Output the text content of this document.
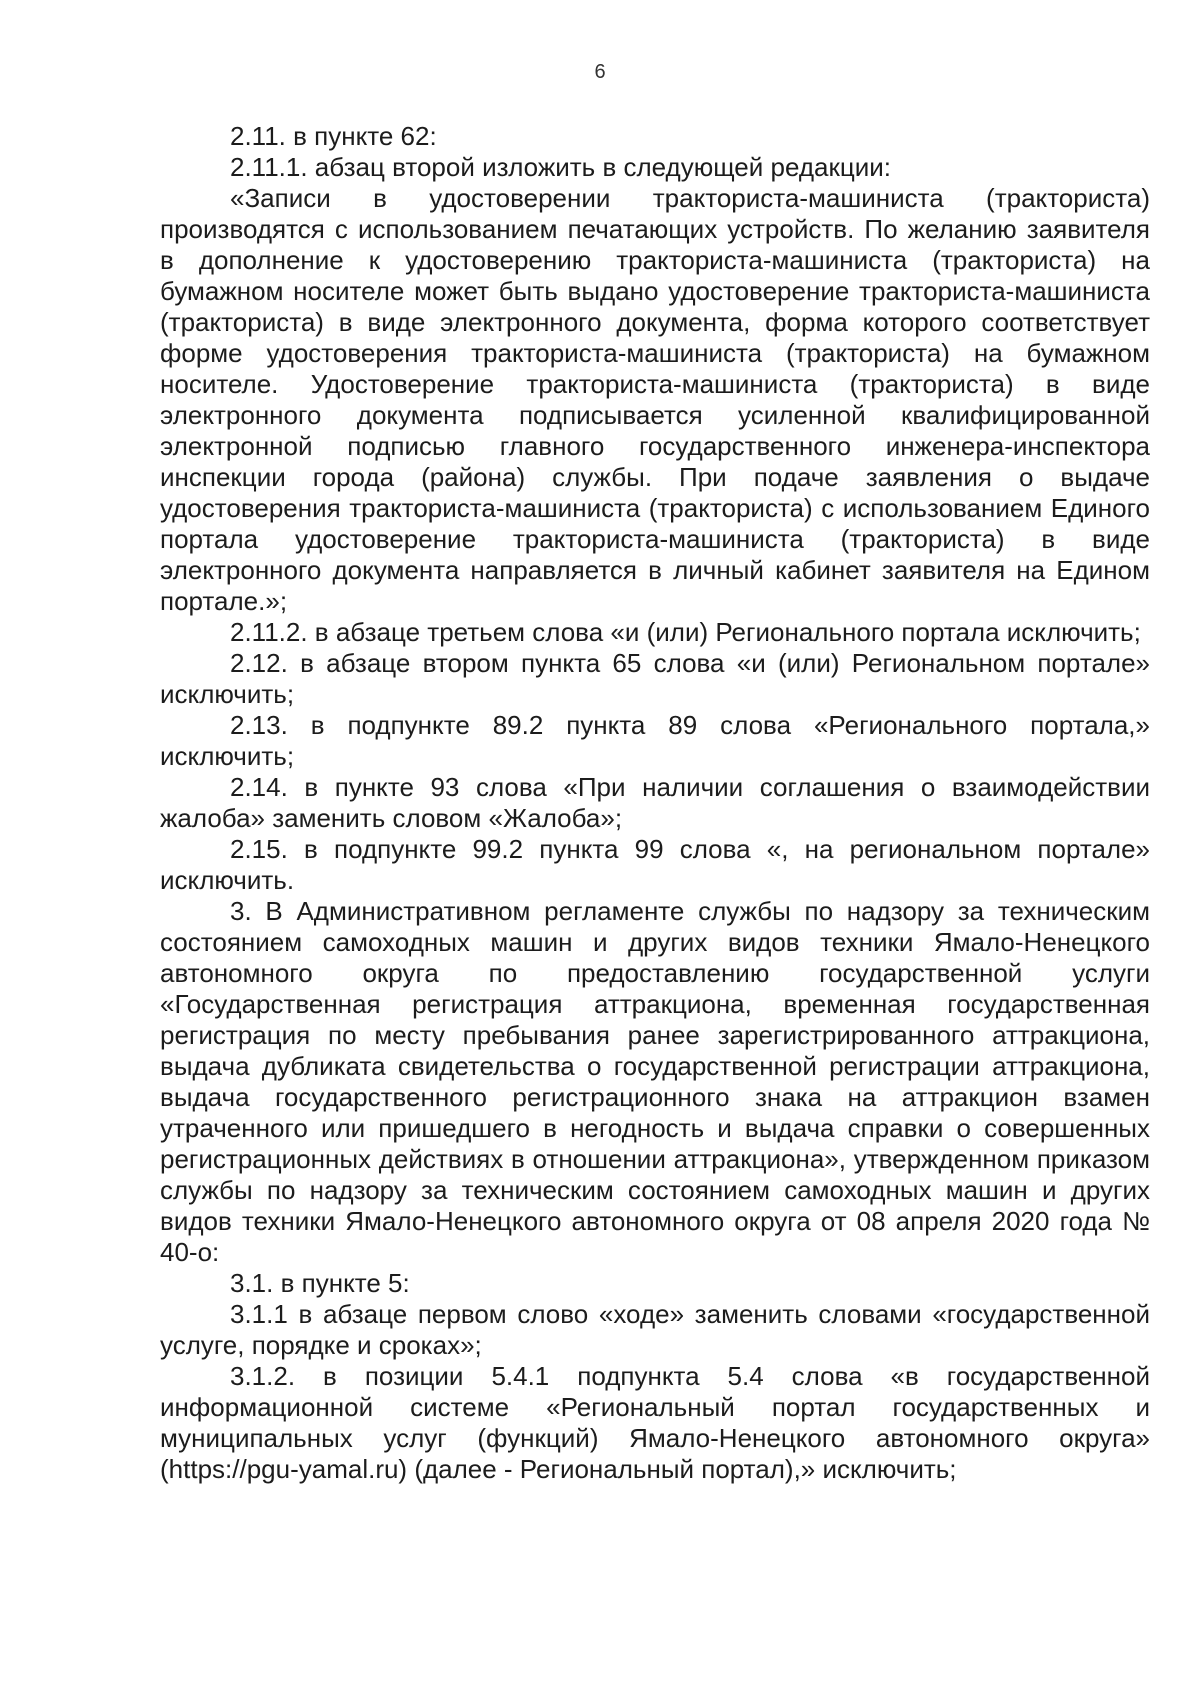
6

2.11. в пункте 62:

2.11.1. абзац второй изложить в следующей редакции:

«Записи в удостоверении тракториста-машиниста (тракториста) производятся с использованием печатающих устройств. По желанию заявителя в дополнение к удостоверению тракториста-машиниста (тракториста) на бумажном носителе может быть выдано удостоверение тракториста-машиниста (тракториста) в виде электронного документа, форма которого соответствует форме удостоверения тракториста-машиниста (тракториста) на бумажном носителе. Удостоверение тракториста-машиниста (тракториста) в виде электронного документа подписывается усиленной квалифицированной электронной подписью главного государственного инженера-инспектора инспекции города (района) службы. При подаче заявления о выдаче удостоверения тракториста-машиниста (тракториста) с использованием Единого портала удостоверение тракториста-машиниста (тракториста) в виде электронного документа направляется в личный кабинет заявителя на Едином портале.»;

2.11.2. в абзаце третьем слова «и (или) Регионального портала исключить;

2.12. в абзаце втором пункта 65 слова «и (или) Региональном портале» исключить;

2.13. в подпункте 89.2 пункта 89 слова «Регионального портала,» исключить;

2.14. в пункте 93 слова «При наличии соглашения о взаимодействии жалоба» заменить словом «Жалоба»;

2.15. в подпункте 99.2 пункта 99 слова «, на региональном портале» исключить.

3. В Административном регламенте службы по надзору за техническим состоянием самоходных машин и других видов техники Ямало-Ненецкого автономного округа по предоставлению государственной услуги «Государственная регистрация аттракциона, временная государственная регистрация по месту пребывания ранее зарегистрированного аттракциона, выдача дубликата свидетельства о государственной регистрации аттракциона, выдача государственного регистрационного знака на аттракцион взамен утраченного или пришедшего в негодность и выдача справки о совершенных регистрационных действиях в отношении аттракциона», утвержденном приказом службы по надзору за техническим состоянием самоходных машин и других видов техники Ямало-Ненецкого автономного округа от 08 апреля 2020 года № 40-о:

3.1. в пункте 5:

3.1.1 в абзаце первом слово «ходе» заменить словами «государственной услуге, порядке и сроках»;

3.1.2. в позиции 5.4.1 подпункта 5.4 слова «в государственной информационной системе «Региональный портал государственных и муниципальных услуг (функций) Ямало-Ненецкого автономного округа» (https://pgu-yamal.ru) (далее - Региональный портал),» исключить;
